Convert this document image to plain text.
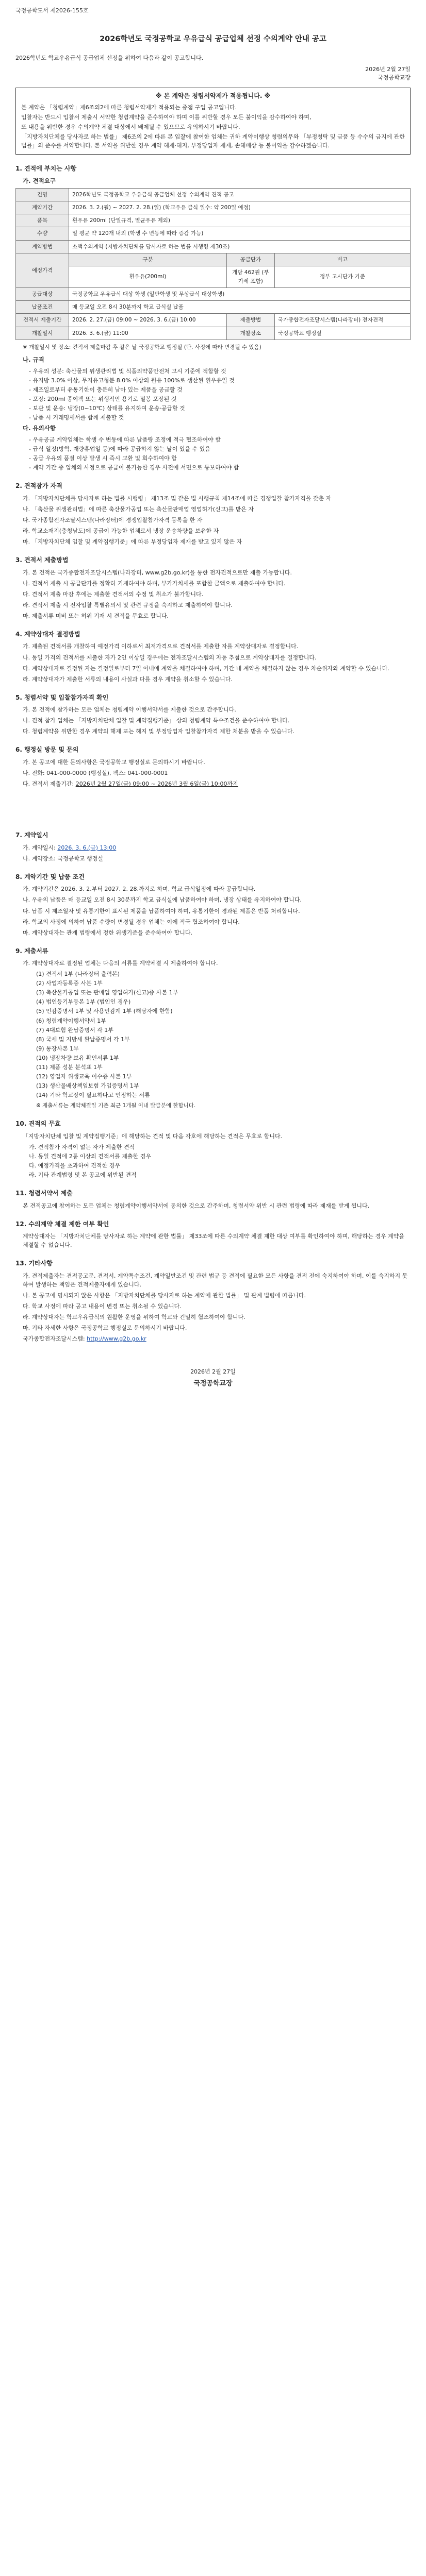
국정공학도서 제2026-155호
2026학년도 국정공학교 우유급식 공급업체 선정 수의계약 안내 공고

2026학년도 학교우유급식 공급업체 선정을 위하여 다음과 같이 공고합니다.

2026년 2월 27일
국정공학교장
※ 본 계약은 청렴서약제가 적용됩니다. ※

본 계약은 「청렴계약」제6조의2에 따른 청렴서약제가 적용되는 중점 구입 공고입니다.

입찰자는 반드시 입찰서 제출시 서약한 청렴계약을 준수하여야 하며 이를 위반할 경우 모든 불이익을 감수하여야 하며,

또 내용을 위반한 경우 수의계약 체결 대상에서 배제될 수 있으므로 유의하시기 바랍니다.

「지방자치단체를 당사자로 하는 법률」 제6조의 2에 따른 본 입찰에 참여한 업체는 귀하 계약이행상 청렴의무와 「부정청탁 및 금품 등 수수의 금지에 관한 법률」의 준수를 서약합니다. 본 서약을 위반한 경우 계약 해제·해지, 부정당업자 제재, 손해배상 등 불이익을 감수하겠습니다.

1. 견적에 부치는 사항
가. 견적요구
건명	2026학년도 국정공학교 우유급식 공급업체 선정 수의계약 견적 공고		
계약기간	2026. 3. 2.(월) ~ 2027. 2. 28.(일) (학교우유 급식 일수: 약 200일 예정)		
품목	흰우유 200ml (단일규격, 멸균우유 제외)		
수량	일 평균 약 120개 내외 (학생 수 변동에 따라 증감 가능)		
계약방법	소액수의계약 (지방자치단체를 당사자로 하는 법률 시행령 제30조)		
예정가격	구분	공급단가	비고
	흰우유(200ml)	개당 462원 (부가세 포함)	정부 고시단가 기준
공급대상	국정공학교 우유급식 대상 학생 (일반학생 및 무상급식 대상학생)		
납품조건	매 등교일 오전 8시 30분까지 학교 급식실 납품		
견적서 제출기간	2026. 2. 27.(금) 09:00 ~ 2026. 3. 6.(금) 10:00	제출방법	국가종합전자조달시스템(나라장터) 전자견적
개찰일시	2026. 3. 6.(금) 11:00	개찰장소	국정공학교 행정실
※ 개찰일시 및 장소: 견적서 제출마감 후 같은 날 국정공학교 행정실 (단, 사정에 따라 변경될 수 있음)
나. 규격
- 우유의 성분: 축산물의 위생관리법 및 식품의약품안전처 고시 기준에 적합할 것
- 유지방 3.0% 이상, 무지유고형분 8.0% 이상의 원유 100%로 생산된 흰우유일 것
- 제조일로부터 유통기한이 충분히 남아 있는 제품을 공급할 것
- 포장: 200ml 종이팩 또는 위생적인 용기로 밀봉 포장된 것
- 보관 및 운송: 냉장(0~10℃) 상태를 유지하여 운송·공급할 것
- 납품 시 거래명세서를 함께 제출할 것
다. 유의사항
- 우유공급 계약업체는 학생 수 변동에 따른 납품량 조정에 적극 협조하여야 함
- 급식 일정(방학, 재량휴업일 등)에 따라 공급하지 않는 날이 있을 수 있음
- 공급 우유의 품질 이상 발생 시 즉시 교환 및 회수하여야 함
- 계약 기간 중 업체의 사정으로 공급이 불가능한 경우 사전에 서면으로 통보하여야 함
2. 견적참가 자격
가. 「지방자치단체를 당사자로 하는 법률 시행령」 제13조 및 같은 법 시행규칙 제14조에 따른 경쟁입찰 참가자격을 갖춘 자
나. 「축산물 위생관리법」에 따른 축산물가공업 또는 축산물판매업 영업허가(신고)를 받은 자
다. 국가종합전자조달시스템(나라장터)에 경쟁입찰참가자격 등록을 한 자
라. 학교소재지(충청남도)에 공급이 가능한 업체로서 냉장 운송차량을 보유한 자
마. 「지방자치단체 입찰 및 계약집행기준」에 따른 부정당업자 제재를 받고 있지 않은 자
3. 견적서 제출방법
가. 본 견적은 국가종합전자조달시스템(나라장터, www.g2b.go.kr)을 통한 전자견적으로만 제출 가능합니다.
나. 견적서 제출 시 공급단가를 정확히 기재하여야 하며, 부가가치세를 포함한 금액으로 제출하여야 합니다.
다. 견적서 제출 마감 후에는 제출한 견적서의 수정 및 취소가 불가합니다.
라. 견적서 제출 시 전자입찰 특별유의서 및 관련 규정을 숙지하고 제출하여야 합니다.
마. 제출서류 미비 또는 허위 기재 시 견적을 무효로 합니다.
4. 계약상대자 결정방법
가. 제출된 견적서를 개찰하여 예정가격 이하로서 최저가격으로 견적서를 제출한 자를 계약상대자로 결정합니다.
나. 동일 가격의 견적서를 제출한 자가 2인 이상일 경우에는 전자조달시스템의 자동 추첨으로 계약상대자를 결정합니다.
다. 계약상대자로 결정된 자는 결정일로부터 7일 이내에 계약을 체결하여야 하며, 기간 내 계약을 체결하지 않는 경우 차순위자와 계약할 수 있습니다.
라. 계약상대자가 제출한 서류의 내용이 사실과 다를 경우 계약을 취소할 수 있습니다.
5. 청렴서약 및 입찰참가자격 확인
가. 본 견적에 참가하는 모든 업체는 청렴계약 이행서약서를 제출한 것으로 간주합니다.
나. 견적 참가 업체는 「지방자치단체 입찰 및 계약집행기준」 상의 청렴계약 특수조건을 준수하여야 합니다.
다. 청렴계약을 위반한 경우 계약의 해제 또는 해지 및 부정당업자 입찰참가자격 제한 처분을 받을 수 있습니다.
6. 행정실 방문 및 문의
가. 본 공고에 대한 문의사항은 국정공학교 행정실로 문의하시기 바랍니다.
나. 전화: 041-000-0000 (행정실), 팩스: 041-000-0001
다. 견적서 제출기간: 2026년 2월 27일(금) 09:00 ~ 2026년 3월 6일(금) 10:00까지
7. 계약일시
가. 계약일시: 2026. 3. 6.(금) 13:00
나. 계약장소: 국정공학교 행정실
8. 계약기간 및 납품 조건
가. 계약기간은 2026. 3. 2.부터 2027. 2. 28.까지로 하며, 학교 급식일정에 따라 공급합니다.
나. 우유의 납품은 매 등교일 오전 8시 30분까지 학교 급식실에 납품하여야 하며, 냉장 상태를 유지하여야 합니다.
다. 납품 시 제조일자 및 유통기한이 표시된 제품을 납품하여야 하며, 유통기한이 경과된 제품은 반품 처리합니다.
라. 학교의 사정에 의하여 납품 수량이 변경될 경우 업체는 이에 적극 협조하여야 합니다.
마. 계약상대자는 관계 법령에서 정한 위생기준을 준수하여야 합니다.
9. 제출서류
가. 계약상대자로 결정된 업체는 다음의 서류를 계약체결 시 제출하여야 합니다.
(1) 견적서 1부 (나라장터 출력본)
(2) 사업자등록증 사본 1부
(3) 축산물가공업 또는 판매업 영업허가(신고)증 사본 1부
(4) 법인등기부등본 1부 (법인인 경우)
(5) 인감증명서 1부 및 사용인감계 1부 (해당자에 한함)
(6) 청렴계약이행서약서 1부
(7) 4대보험 완납증명서 각 1부
(8) 국세 및 지방세 완납증명서 각 1부
(9) 통장사본 1부
(10) 냉장차량 보유 확인서류 1부
(11) 제품 성분 분석표 1부
(12) 영업자 위생교육 이수증 사본 1부
(13) 생산물배상책임보험 가입증명서 1부
(14) 기타 학교장이 필요하다고 인정하는 서류
※ 제출서류는 계약체결일 기준 최근 1개월 이내 발급분에 한합니다.
10. 견적의 무효
「지방자치단체 입찰 및 계약집행기준」에 해당하는 견적 및 다음 각호에 해당하는 견적은 무효로 합니다.
가. 견적참가 자격이 없는 자가 제출한 견적
나. 동일 견적에 2통 이상의 견적서를 제출한 경우
다. 예정가격을 초과하여 견적한 경우
라. 기타 관계법령 및 본 공고에 위반된 견적
11. 청렴서약서 제출
본 견적공고에 참여하는 모든 업체는 청렴계약이행서약서에 동의한 것으로 간주하며, 청렴서약 위반 시 관련 법령에 따라 제재를 받게 됩니다.
12. 수의계약 체결 제한 여부 확인
계약상대자는 「지방자치단체를 당사자로 하는 계약에 관한 법률」 제33조에 따른 수의계약 체결 제한 대상 여부를 확인하여야 하며, 해당하는 경우 계약을 체결할 수 없습니다.
13. 기타사항
가. 견적제출자는 견적공고문, 견적서, 계약특수조건, 계약일반조건 및 관련 법규 등 견적에 필요한 모든 사항을 견적 전에 숙지하여야 하며, 이를 숙지하지 못하여 발생하는 책임은 견적제출자에게 있습니다.
나. 본 공고에 명시되지 않은 사항은 「지방자치단체를 당사자로 하는 계약에 관한 법률」 및 관계 법령에 따릅니다.
다. 학교 사정에 따라 공고 내용이 변경 또는 취소될 수 있습니다.
라. 계약상대자는 학교우유급식의 원활한 운영을 위하여 학교와 긴밀히 협조하여야 합니다.
마. 기타 자세한 사항은 국정공학교 행정실로 문의하시기 바랍니다.
국가종합전자조달시스템: http://www.g2b.go.kr
2026년 2월 27일
국정공학교장
